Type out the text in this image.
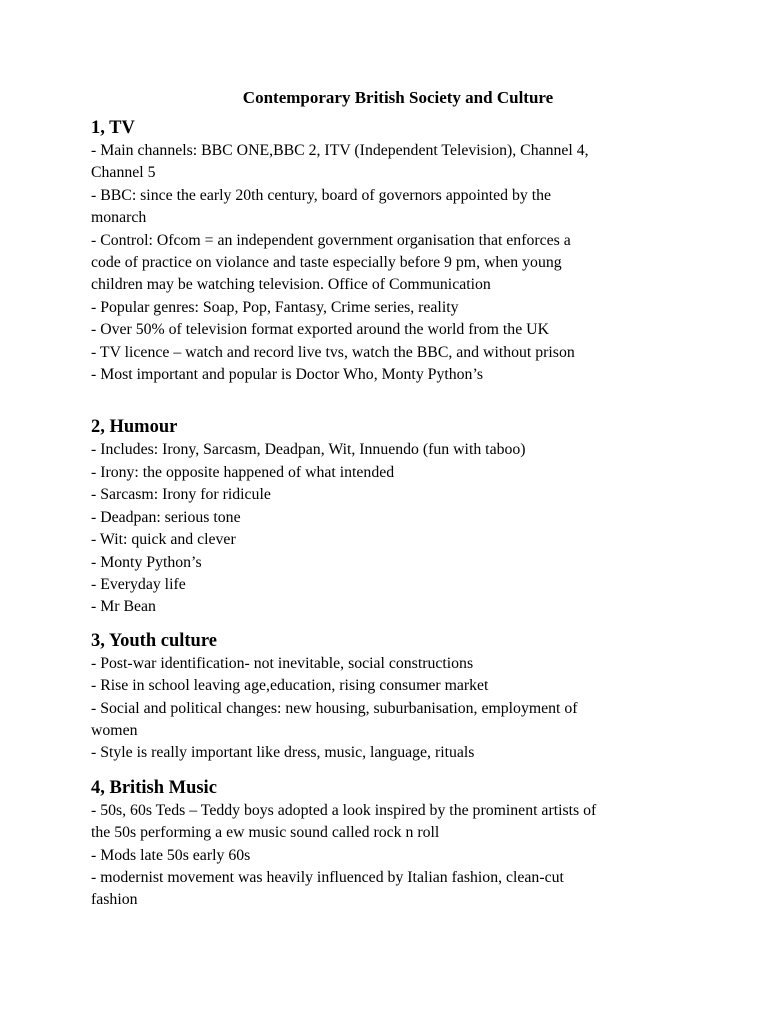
Contemporary British Society and Culture
1, TV

- Main channels: BBC ONE,BBC 2, ITV (Independent Television), Channel 4,

Channel 5

- BBC: since the early 20th century, board of governors appointed by the

monarch

- Control: Ofcom = an independent government organisation that enforces a

code of practice on violance and taste especially before 9 pm, when young

children may be watching television. Office of Communication

- Popular genres: Soap, Pop, Fantasy, Crime series, reality

- Over 50% of television format exported around the world from the UK

- TV licence – watch and record live tvs, watch the BBC, and without prison

- Most important and popular is Doctor Who, Monty Python’s

2, Humour

- Includes: Irony, Sarcasm, Deadpan, Wit, Innuendo (fun with taboo)

- Irony: the opposite happened of what intended

- Sarcasm: Irony for ridicule

- Deadpan: serious tone

- Wit: quick and clever

- Monty Python’s

- Everyday life

- Mr Bean

3, Youth culture

- Post-war identification- not inevitable, social constructions

- Rise in school leaving age,education, rising consumer market

- Social and political changes: new housing, suburbanisation, employment of

women

- Style is really important like dress, music, language, rituals

4, British Music

- 50s, 60s Teds – Teddy boys adopted a look inspired by the prominent artists of

the 50s performing a ew music sound called rock n roll

- Mods late 50s early 60s

- modernist movement was heavily influenced by Italian fashion, clean-cut

fashion
